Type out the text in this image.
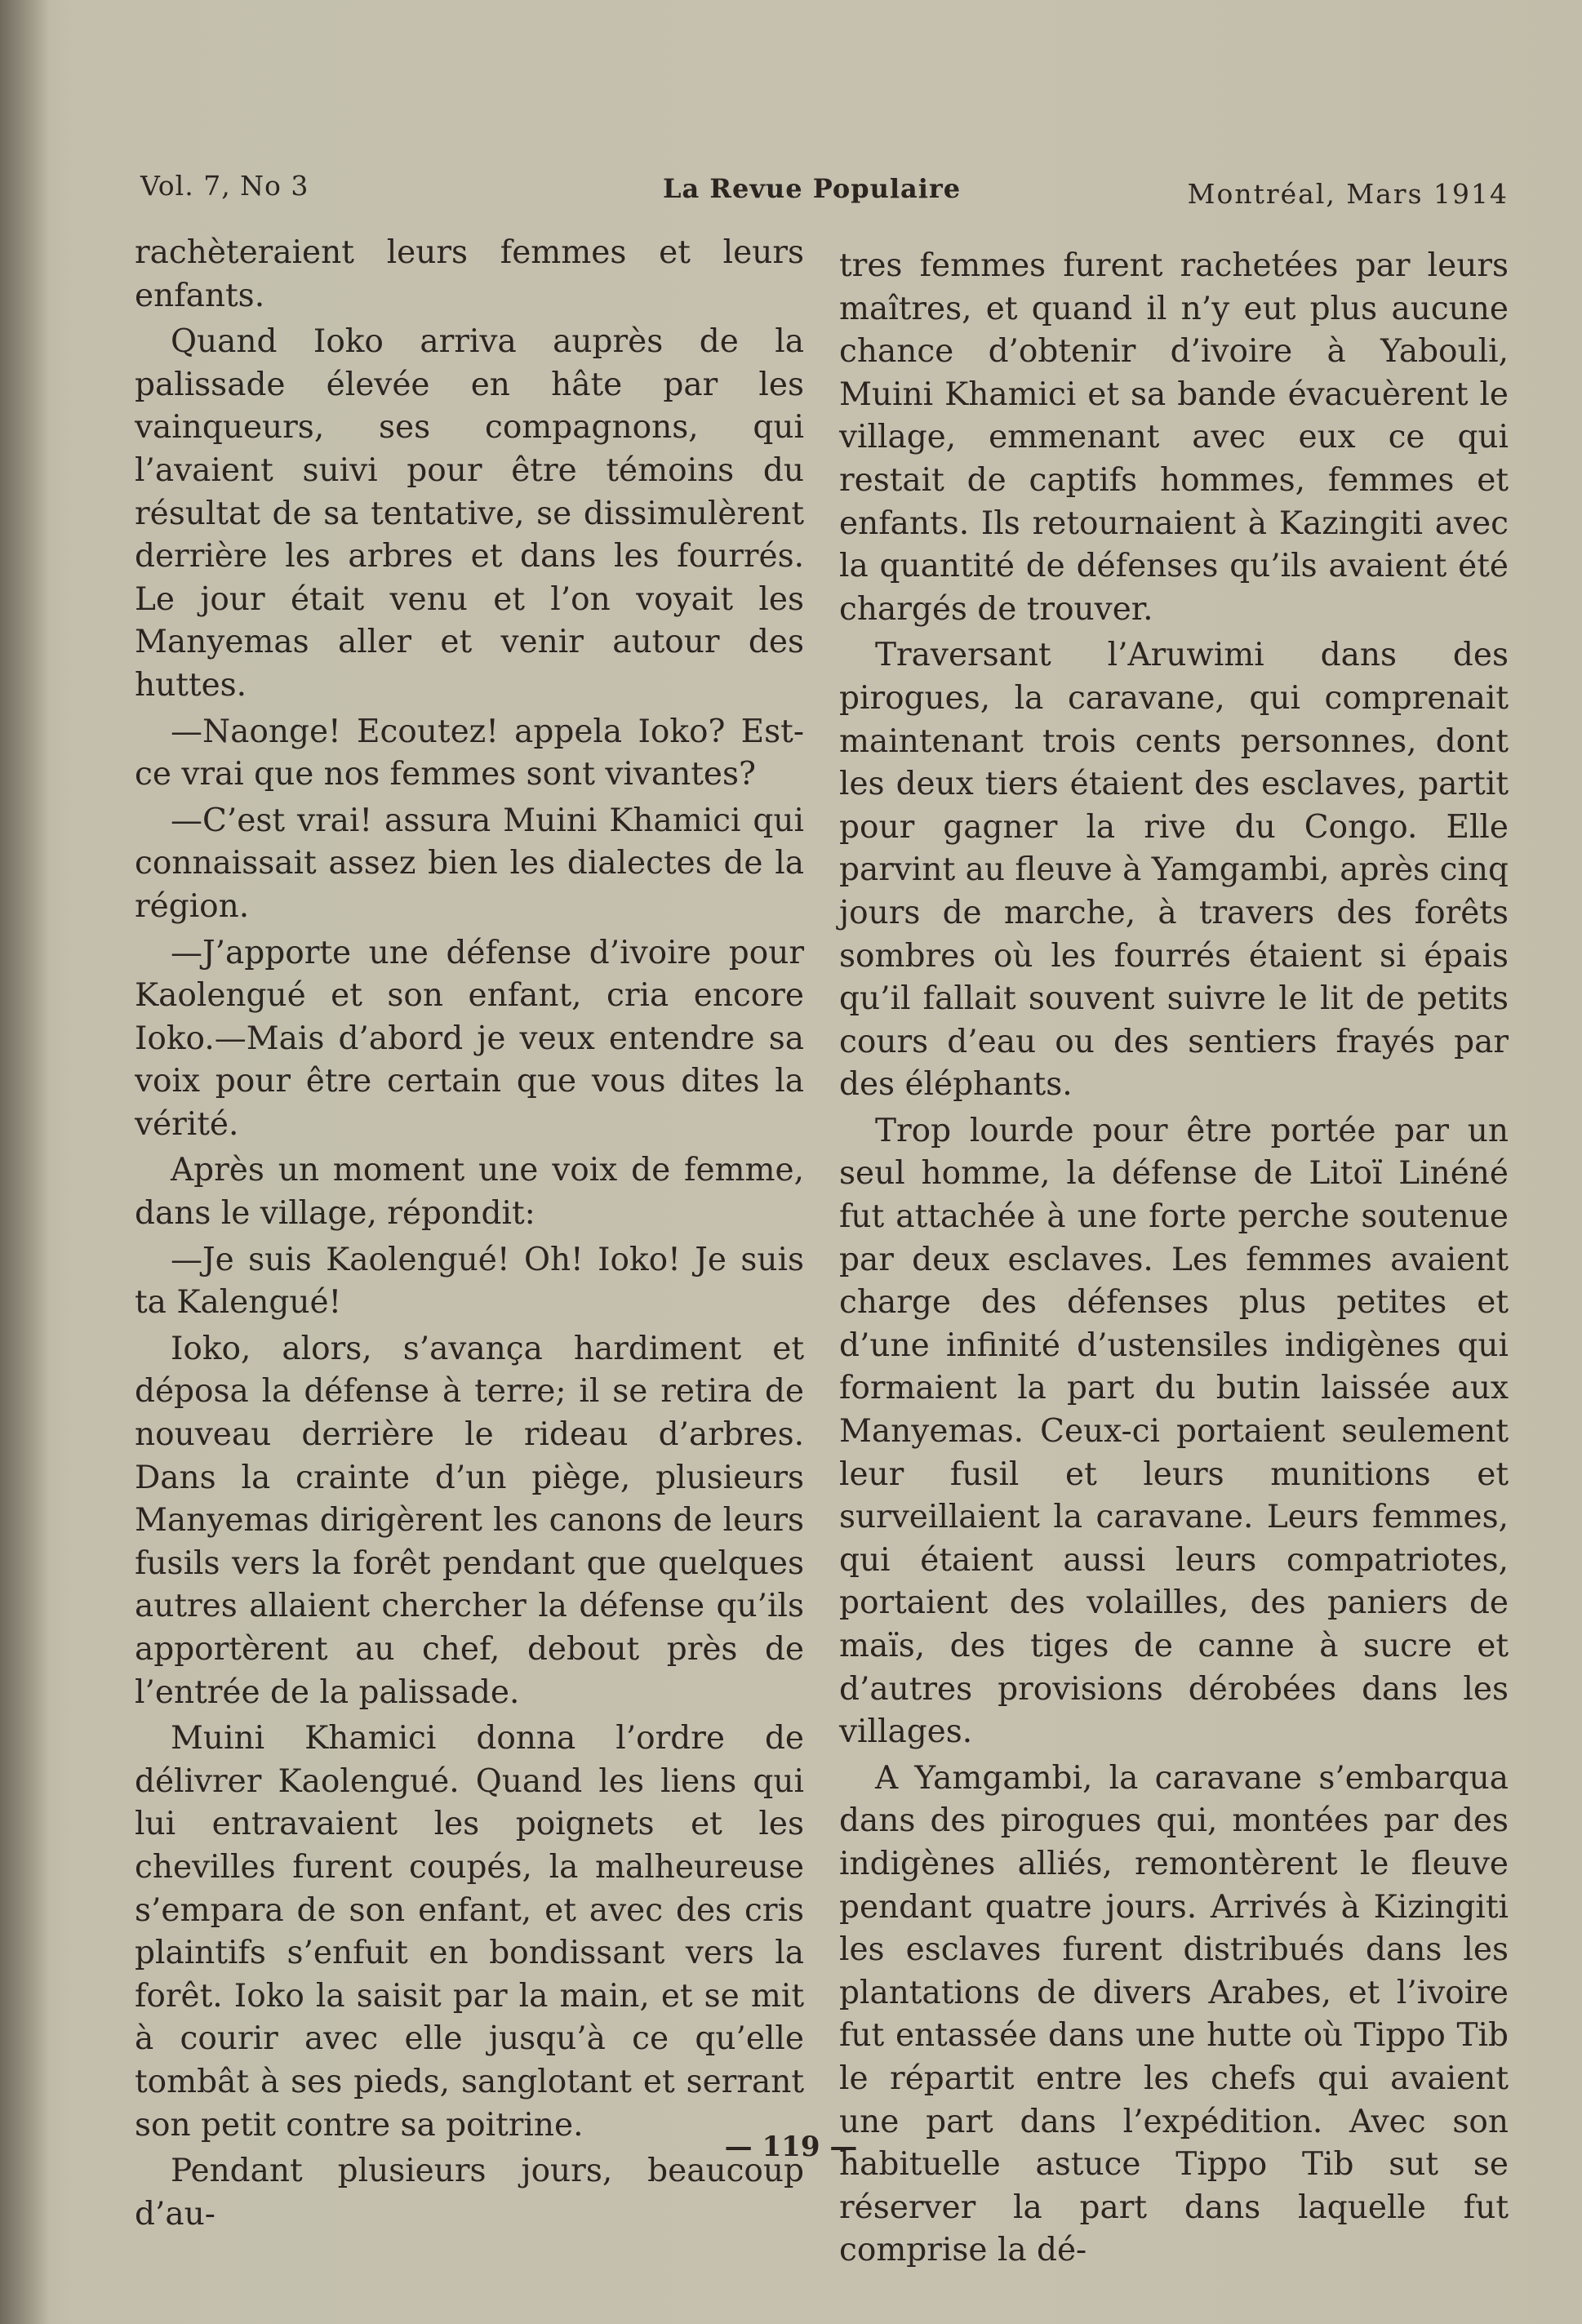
Vol. 7, No 3	La Revue Populaire	Montréal, Mars 1914

rachèteraient leurs femmes et leurs enfants.

Quand Ioko arriva auprès de la palissade élevée en hâte par les vainqueurs, ses compagnons, qui l’avaient suivi pour être témoins du résultat de sa tentative, se dissimulèrent derrière les arbres et dans les fourrés. Le jour était venu et l’on voyait les Manyemas aller et venir autour des huttes.

—Naonge! Ecoutez! appela Ioko? Est-ce vrai que nos femmes sont vivantes?

—C’est vrai! assura Muini Khamici qui connaissait assez bien les dialectes de la région.

—J’apporte une défense d’ivoire pour Kaolengué et son enfant, cria encore Ioko.—Mais d’abord je veux entendre sa voix pour être certain que vous dites la vérité.

Après un moment une voix de femme, dans le village, répondit:

—Je suis Kaolengué! Oh! Ioko! Je suis ta Kalengué!

Ioko, alors, s’avança hardiment et déposa la défense à terre; il se retira de nouveau derrière le rideau d’arbres. Dans la crainte d’un piège, plusieurs Manyemas dirigèrent les canons de leurs fusils vers la forêt pendant que quelques autres allaient chercher la défense qu’ils apportèrent au chef, debout près de l’entrée de la palissade.

Muini Khamici donna l’ordre de délivrer Kaolengué. Quand les liens qui lui entravaient les poignets et les chevilles furent coupés, la malheureuse s’empara de son enfant, et avec des cris plaintifs s’enfuit en bondissant vers la forêt. Ioko la saisit par la main, et se mit à courir avec elle jusqu’à ce qu’elle tombât à ses pieds, sanglotant et serrant son petit contre sa poitrine.

Pendant plusieurs jours, beaucoup d’au-

tres femmes furent rachetées par leurs maîtres, et quand il n’y eut plus aucune chance d’obtenir d’ivoire à Yabouli, Muini Khamici et sa bande évacuèrent le village, emmenant avec eux ce qui restait de captifs hommes, femmes et enfants. Ils retournaient à Kazingiti avec la quantité de défenses qu’ils avaient été chargés de trouver.

Traversant l’Aruwimi dans des pirogues, la caravane, qui comprenait maintenant trois cents personnes, dont les deux tiers étaient des esclaves, partit pour gagner la rive du Congo. Elle parvint au fleuve à Yamgambi, après cinq jours de marche, à travers des forêts sombres où les fourrés étaient si épais qu’il fallait souvent suivre le lit de petits cours d’eau ou des sentiers frayés par des éléphants.

Trop lourde pour être portée par un seul homme, la défense de Litoï Linéné fut attachée à une forte perche soutenue par deux esclaves. Les femmes avaient charge des défenses plus petites et d’une infinité d’ustensiles indigènes qui formaient la part du butin laissée aux Manyemas. Ceux-ci portaient seulement leur fusil et leurs munitions et surveillaient la caravane. Leurs femmes, qui étaient aussi leurs compatriotes, portaient des volailles, des paniers de maïs, des tiges de canne à sucre et d’autres provisions dérobées dans les villages.

A Yamgambi, la caravane s’embarqua dans des pirogues qui, montées par des indigènes alliés, remontèrent le fleuve pendant quatre jours. Arrivés à Kizingiti les esclaves furent distribués dans les plantations de divers Arabes, et l’ivoire fut entassée dans une hutte où Tippo Tib le répartit entre les chefs qui avaient une part dans l’expédition. Avec son habituelle astuce Tippo Tib sut se réserver la part dans laquelle fut comprise la dé-

— 119 —
